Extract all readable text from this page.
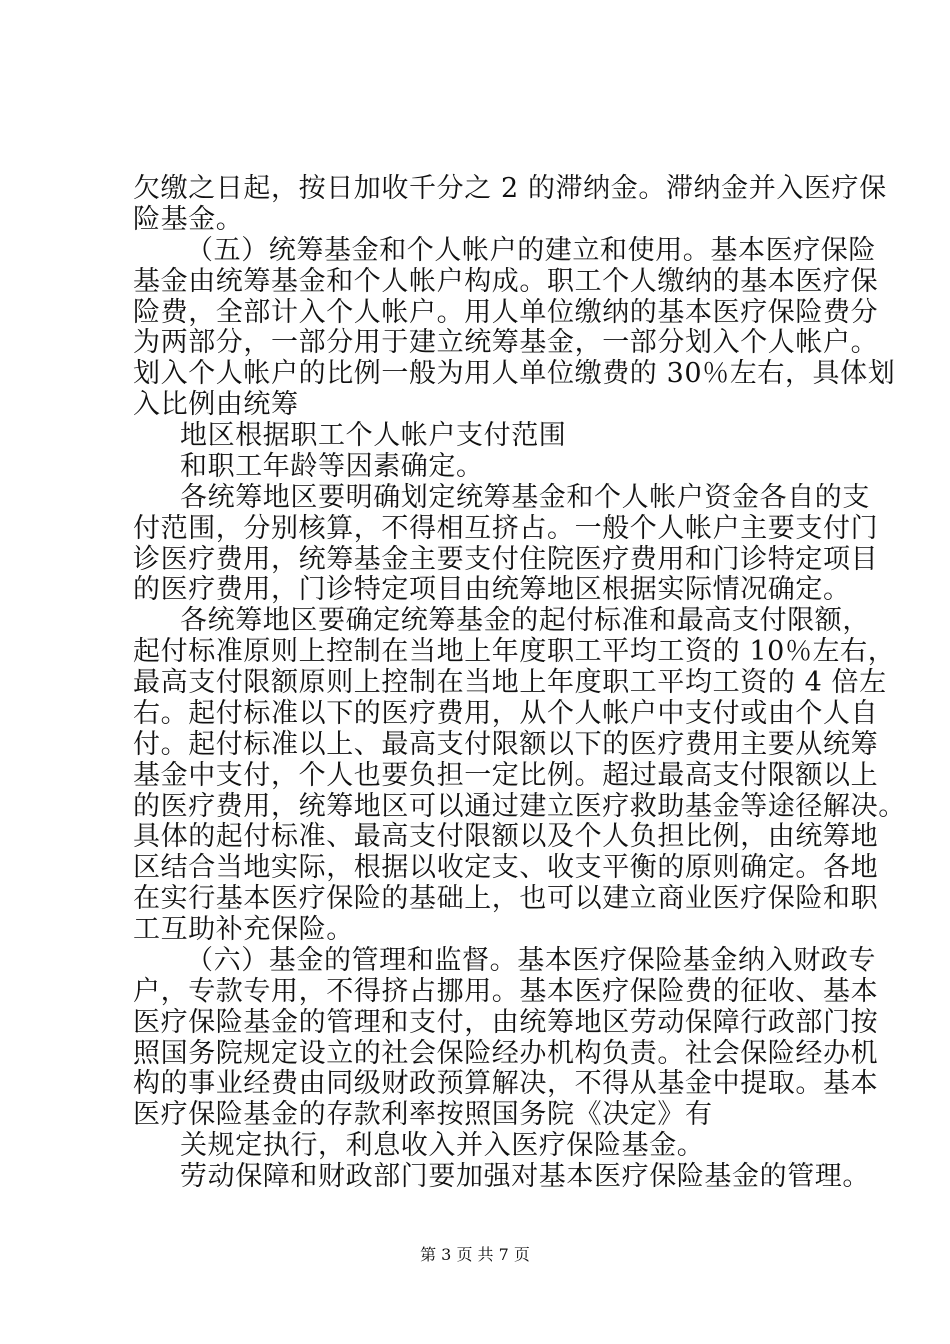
欠缴之日起，按日加收千分之 2 的滞纳金。滞纳金并入医疗保
险基金。
（五）统筹基金和个人帐户的建立和使用。基本医疗保险
基金由统筹基金和个人帐户构成。职工个人缴纳的基本医疗保
险费，全部计入个人帐户。用人单位缴纳的基本医疗保险费分
为两部分，一部分用于建立统筹基金，一部分划入个人帐户。
划入个人帐户的比例一般为用人单位缴费的 30％左右，具体划
入比例由统筹
地区根据职工个人帐户支付范围
和职工年龄等因素确定。
各统筹地区要明确划定统筹基金和个人帐户资金各自的支
付范围，分别核算，不得相互挤占。一般个人帐户主要支付门
诊医疗费用，统筹基金主要支付住院医疗费用和门诊特定项目
的医疗费用，门诊特定项目由统筹地区根据实际情况确定。
各统筹地区要确定统筹基金的起付标准和最高支付限额，
起付标准原则上控制在当地上年度职工平均工资的 10％左右，
最高支付限额原则上控制在当地上年度职工平均工资的 4 倍左
右。起付标准以下的医疗费用，从个人帐户中支付或由个人自
付。起付标准以上、最高支付限额以下的医疗费用主要从统筹
基金中支付，个人也要负担一定比例。超过最高支付限额以上
的医疗费用，统筹地区可以通过建立医疗救助基金等途径解决。
具体的起付标准、最高支付限额以及个人负担比例，由统筹地
区结合当地实际，根据以收定支、收支平衡的原则确定。各地
在实行基本医疗保险的基础上，也可以建立商业医疗保险和职
工互助补充保险。
（六）基金的管理和监督。基本医疗保险基金纳入财政专
户，专款专用，不得挤占挪用。基本医疗保险费的征收、基本
医疗保险基金的管理和支付，由统筹地区劳动保障行政部门按
照国务院规定设立的社会保险经办机构负责。社会保险经办机
构的事业经费由同级财政预算解决，不得从基金中提取。基本
医疗保险基金的存款利率按照国务院《决定》有
关规定执行，利息收入并入医疗保险基金。
劳动保障和财政部门要加强对基本医疗保险基金的管理。
第 3 页 共 7 页
